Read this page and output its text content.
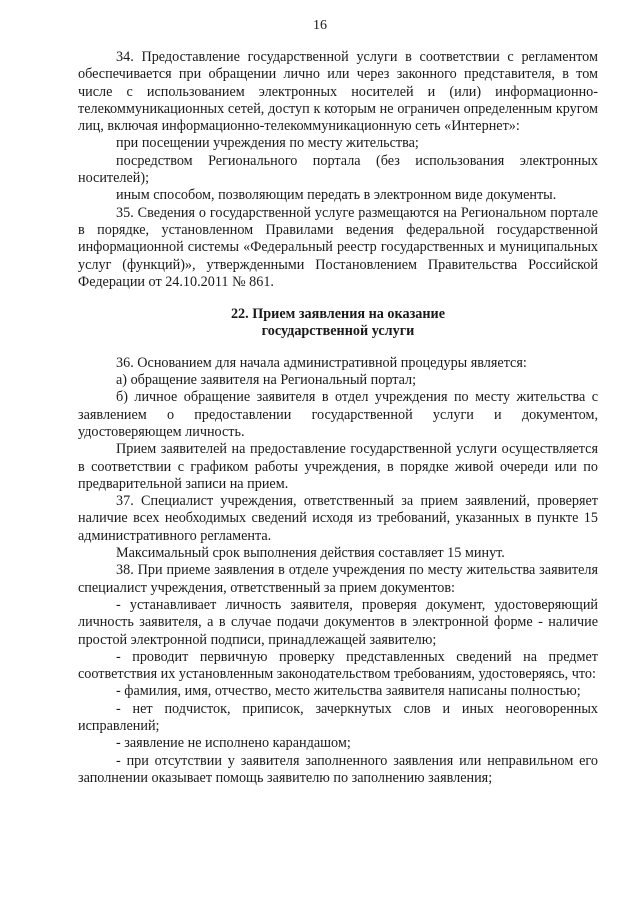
16

34. Предоставление государственной услуги в соответствии с регламентом обеспечивается при обращении лично или через законного представителя, в том числе с использованием электронных носителей и (или) информационно-телекоммуникационных сетей, доступ к которым не ограничен определенным кругом лиц, включая информационно-телекоммуникационную сеть «Интернет»:

при посещении учреждения по месту жительства;

посредством Регионального портала (без использования электронных носителей);

иным способом, позволяющим передать в электронном виде документы.

35. Сведения о государственной услуге размещаются на Региональном портале в порядке, установленном Правилами ведения федеральной государственной информационной системы «Федеральный реестр государственных и муниципальных услуг (функций)», утвержденными Постановлением Правительства Российской Федерации от 24.10.2011 № 861.

22. Прием заявления на оказание
государственной услуги

36. Основанием для начала административной процедуры является:

а) обращение заявителя на Региональный портал;

б) личное обращение заявителя в отдел учреждения по месту жительства с заявлением о предоставлении государственной услуги и документом, удостоверяющем личность.

Прием заявителей на предоставление государственной услуги осуществляется в соответствии с графиком работы учреждения, в порядке живой очереди или по предварительной записи на прием.

37. Специалист учреждения, ответственный за прием заявлений, проверяет наличие всех необходимых сведений исходя из требований, указанных в пункте 15 административного регламента.

Максимальный срок выполнения действия составляет 15 минут.

38. При приеме заявления в отделе учреждения по месту жительства заявителя специалист учреждения, ответственный за прием документов:

- устанавливает личность заявителя, проверяя документ, удостоверяющий личность заявителя, а в случае подачи документов в электронной форме - наличие простой электронной подписи, принадлежащей заявителю;

- проводит первичную проверку представленных сведений на предмет соответствия их установленным законодательством требованиям, удостоверяясь, что:

- фамилия, имя, отчество, место жительства заявителя написаны полностью;

- нет подчисток, приписок, зачеркнутых слов и иных неоговоренных исправлений;

- заявление не исполнено карандашом;

- при отсутствии у заявителя заполненного заявления или неправильном его заполнении оказывает помощь заявителю по заполнению заявления;
